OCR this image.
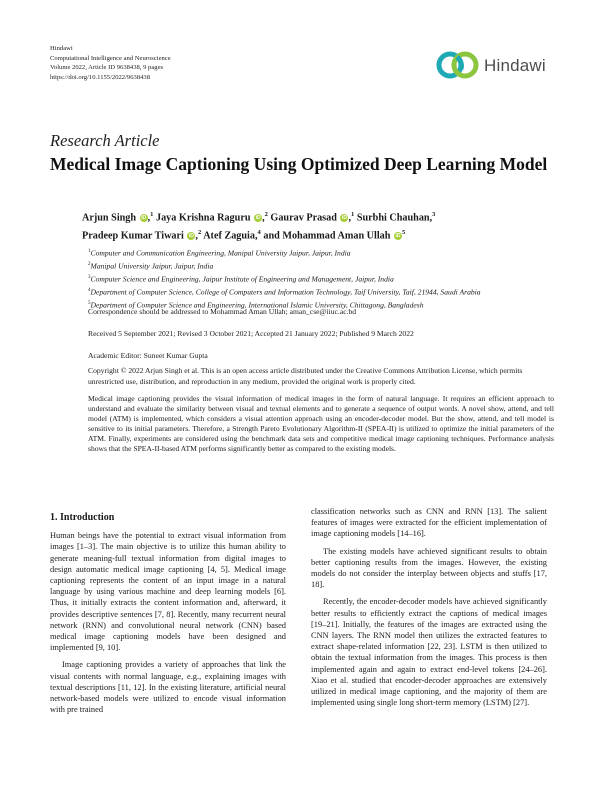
Hindawi
Computational Intelligence and Neuroscience
Volume 2022, Article ID 9638438, 9 pages
https://doi.org/10.1155/2022/9638438
Hindawi
Research Article
Medical Image Captioning Using Optimized Deep Learning Model
Arjun Singh iD ,$^1$ Jaya Krishna Raguru iD ,$^2$ Gaurav Prasad iD ,$^1$ Surbhi Chauhan,$^3$
Pradeep Kumar Tiwari iD ,$^2$ Atef Zaguia,$^4$ and Mohammad Aman Ullah $iD^5$
$^1$Computer and Communication Engineering, Manipal University Jaipur, Jaipur, India
$^2$Manipal University Jaipur, Jaipur, India
$^3$Computer Science and Engineering, Jaipur Institute of Engineering and Management, Jaipur, India
$^4$Department of Computer Science, College of Computers and Information Technology, Taif University, Taif, 21944, Saudi Arabia
$^5$Department of Computer Science and Engineering, International Islamic University, Chittagong, Bangladesh
Correspondence should be addressed to Mohammad Aman Ullah; aman_cse@iiuc.ac.bd
Received 5 September 2021; Revised 3 October 2021; Accepted 21 January 2022; Published 9 March 2022
Academic Editor: Suneet Kumar Gupta
Copyright © 2022 Arjun Singh et al. This is an open access article distributed under the Creative Commons Attribution License, which permits unrestricted use, distribution, and reproduction in any medium, provided the original work is properly cited.
Medical image captioning provides the visual information of medical images in the form of natural language. It requires an efficient approach to understand and evaluate the similarity between visual and textual elements and to generate a sequence of output words. A novel show, attend, and tell model (ATM) is implemented, which considers a visual attention approach using an encoder-decoder model. But the show, attend, and tell model is sensitive to its initial parameters. Therefore, a Strength Pareto Evolutionary Algorithm-II (SPEA-II) is utilized to optimize the initial parameters of the ATM. Finally, experiments are considered using the benchmark data sets and competitive medical image captioning techniques. Performance analysis shows that the SPEA-II-based ATM performs significantly better as compared to the existing models.
1. Introduction

Human beings have the potential to extract visual information from images [1–3]. The main objective is to utilize this human ability to generate meaning-full textual information from digital images to design automatic medical image captioning [4, 5]. Medical image captioning represents the content of an input image in a natural language by using various machine and deep learning models [6]. Thus, it initially extracts the content information and, afterward, it provides descriptive sentences [7, 8]. Recently, many recurrent neural network (RNN) and convolutional neural network (CNN) based medical image captioning models have been designed and implemented [9, 10].

Image captioning provides a variety of approaches that link the visual contents with normal language, e.g., explaining images with textual descriptions [11, 12]. In the existing literature, artificial neural network-based models were utilized to encode visual information with pre trained

classification networks such as CNN and RNN [13]. The salient features of images were extracted for the efficient implementation of image captioning models [14–16].

The existing models have achieved significant results to obtain better captioning results from the images. However, the existing models do not consider the interplay between objects and stuffs [17, 18].

Recently, the encoder-decoder models have achieved significantly better results to efficiently extract the captions of medical images [19–21]. Initially, the features of the images are extracted using the CNN layers. The RNN model then utilizes the extracted features to extract shape-related information [22, 23]. LSTM is then utilized to obtain the textual information from the images. This process is then implemented again and again to extract end-level tokens [24–26]. Xiao et al. studied that encoder-decoder approaches are extensively utilized in medical image captioning, and the majority of them are implemented using single long short-term memory (LSTM) [27].
